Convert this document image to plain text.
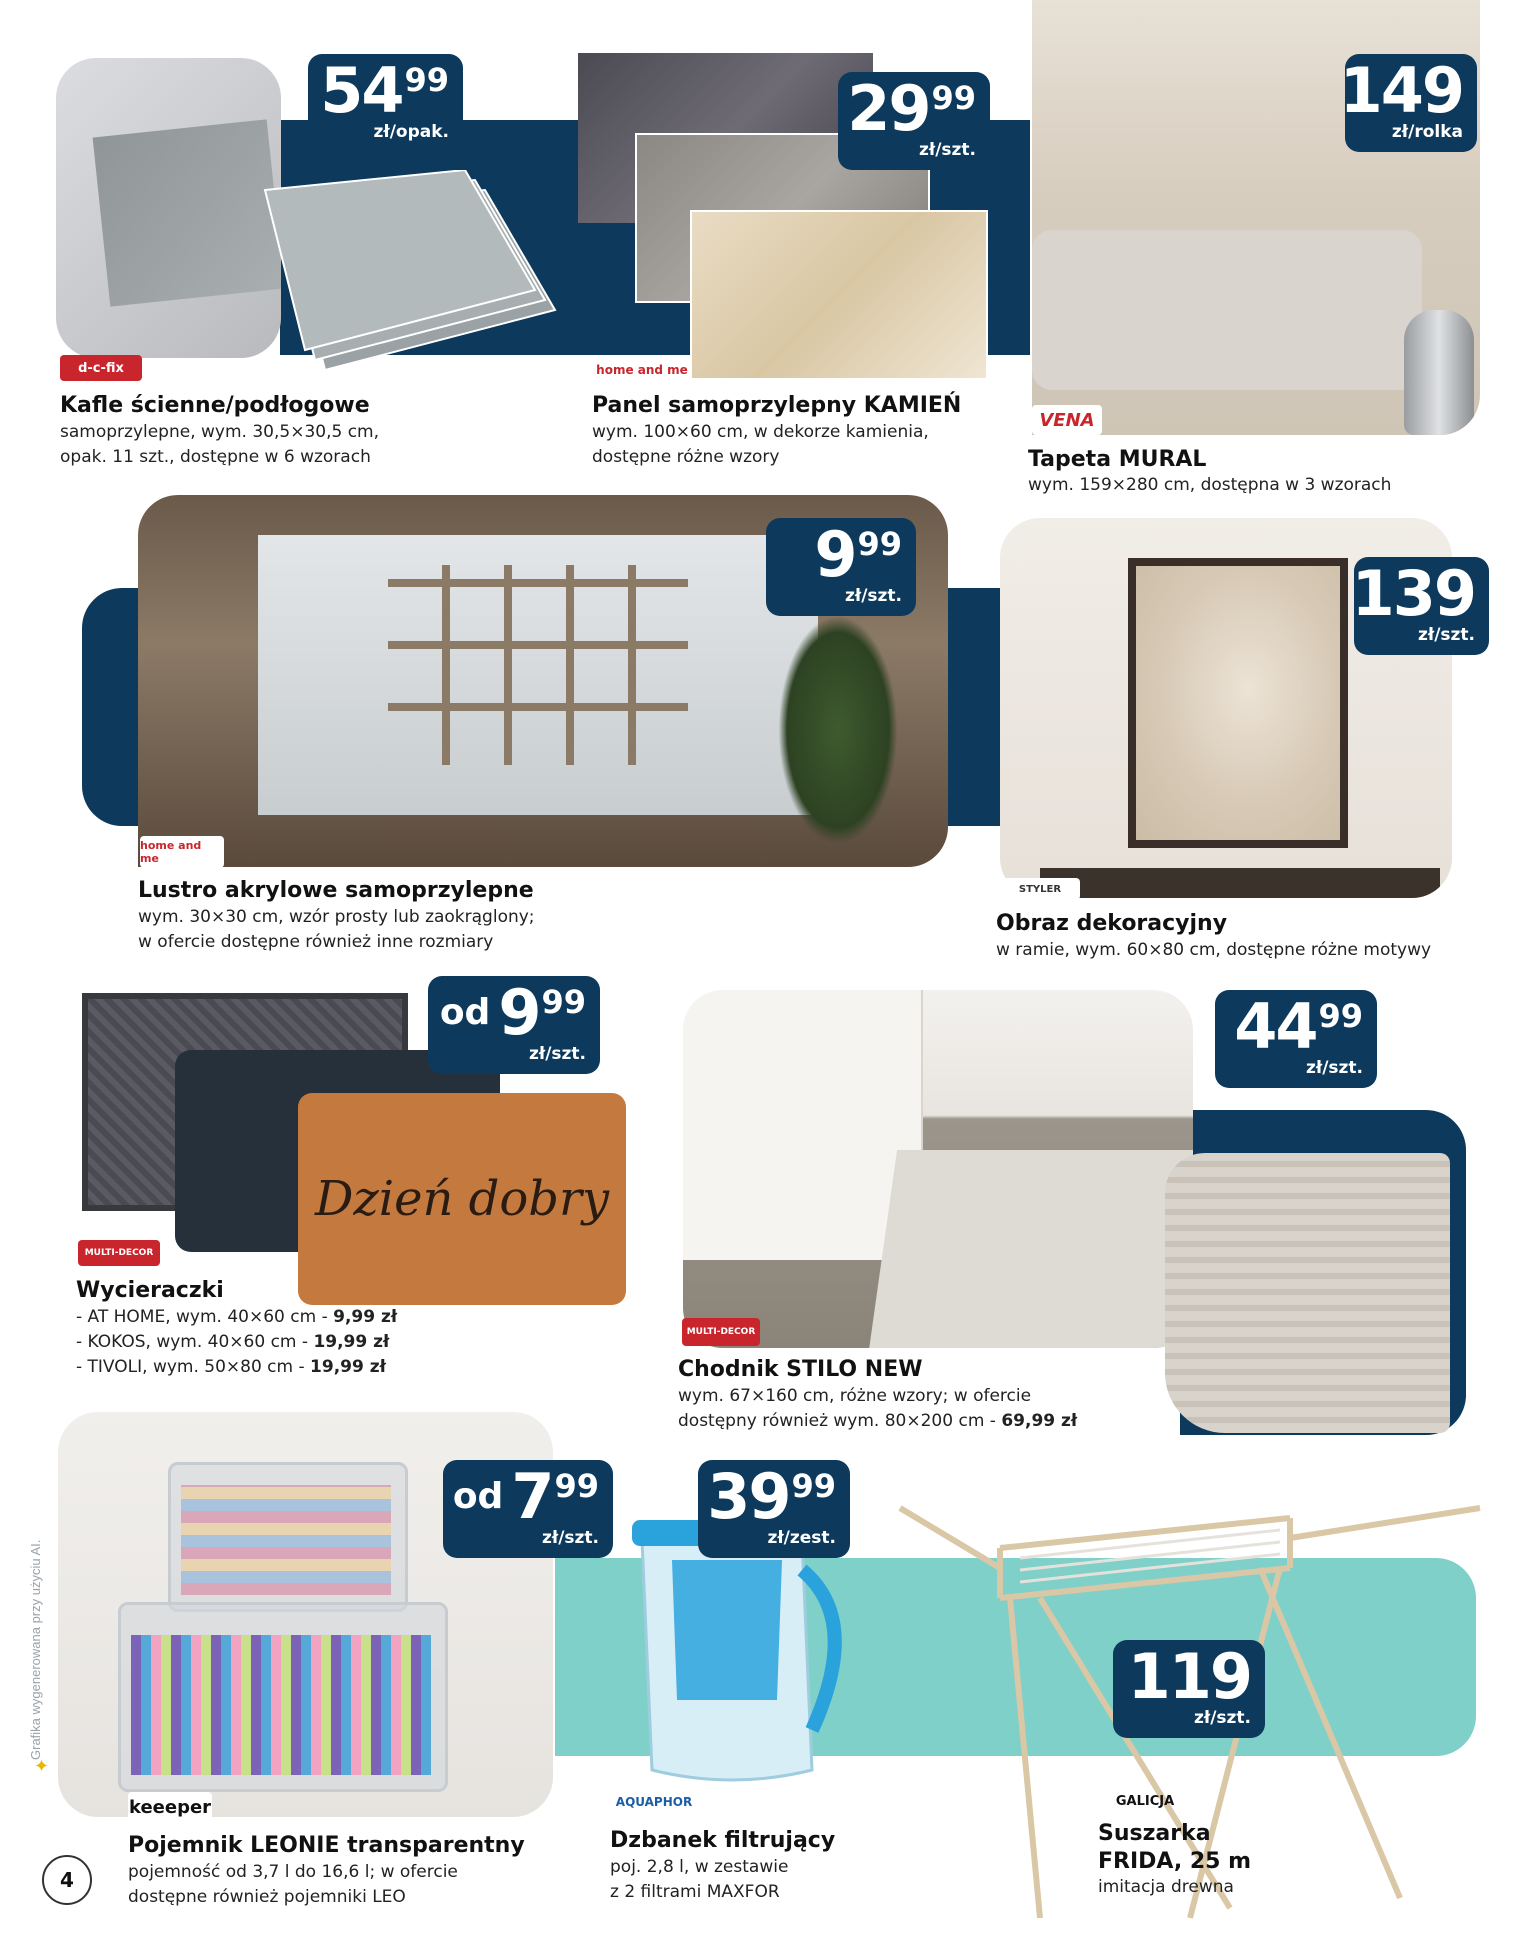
d-c-fix
54 99
zł/opak.
Kafle ścienne/podłogowe
samoprzylepne, wym. 30,5×30,5 cm,
opak. 11 szt., dostępne w 6 wzorach
home and me
29 99
zł/szt.
Panel samoprzylepny KAMIEŃ
wym. 100×60 cm, w dekorze kamienia,
dostępne różne wzory
VENA
149
zł/rolka
Tapeta MURAL
wym. 159×280 cm, dostępna w 3 wzorach
home and me
9 99
zł/szt.
Lustro akrylowe samoprzylepne
wym. 30×30 cm, wzór prosty lub zaokrąglony;
w ofercie dostępne również inne rozmiary
STYLER
139
zł/szt.
Obraz dekoracyjny
w ramie, wym. 60×80 cm, dostępne różne motywy
Dzień dobry
MULTI-DECOR
od 9 99
zł/szt.
Wycieraczki
- AT HOME, wym. 40×60 cm - 9,99 zł
- KOKOS, wym. 40×60 cm - 19,99 zł
- TIVOLI, wym. 50×80 cm - 19,99 zł
MULTI-DECOR
44 99
zł/szt.
Chodnik STILO NEW
wym. 67×160 cm, różne wzory; w ofercie
dostępny również wym. 80×200 cm - 69,99 zł
keeeper
od 7 99
zł/szt.
Pojemnik LEONIE transparentny
pojemność od 3,7 l do 16,6 l; w ofercie
dostępne również pojemniki LEO
AQUAPHOR
39 99
zł/zest.
Dzbanek filtrujący
poj. 2,8 l, w zestawie
z 2 filtrami MAXFOR
GALICJA
119
zł/szt.
Suszarka
FRIDA, 25 m
imitacja drewna
Grafika wygenerowana przy użyciu AI.
✦
4
